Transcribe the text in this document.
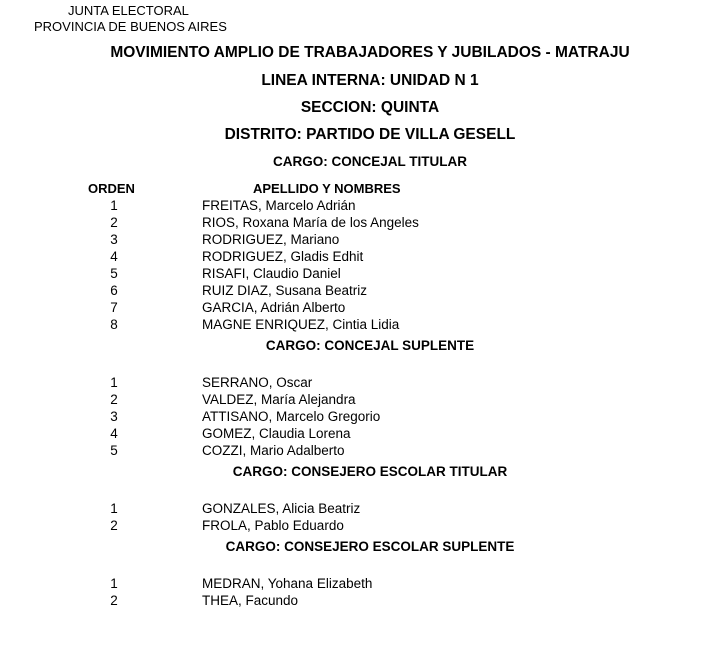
JUNTA ELECTORAL
PROVINCIA DE BUENOS AIRES
MOVIMIENTO AMPLIO DE TRABAJADORES Y JUBILADOS - MATRAJU
LINEA INTERNA: UNIDAD N 1
SECCION: QUINTA
DISTRITO: PARTIDO DE VILLA GESELL
CARGO: CONCEJAL TITULAR
ORDEN	APELLIDO Y NOMBRES
1	FREITAS, Marcelo Adrián
2	RIOS, Roxana María de los Angeles
3	RODRIGUEZ, Mariano
4	RODRIGUEZ, Gladis Edhit
5	RISAFI, Claudio Daniel
6	RUIZ DIAZ, Susana Beatriz
7	GARCIA, Adrián Alberto
8	MAGNE ENRIQUEZ, Cintia Lidia
CARGO: CONCEJAL SUPLENTE
1	SERRANO, Oscar
2	VALDEZ, María Alejandra
3	ATTISANO, Marcelo Gregorio
4	GOMEZ, Claudia Lorena
5	COZZI, Mario Adalberto
CARGO: CONSEJERO ESCOLAR TITULAR
1	GONZALES, Alicia Beatriz
2	FROLA, Pablo Eduardo
CARGO: CONSEJERO ESCOLAR SUPLENTE
1	MEDRAN, Yohana Elizabeth
2	THEA, Facundo
